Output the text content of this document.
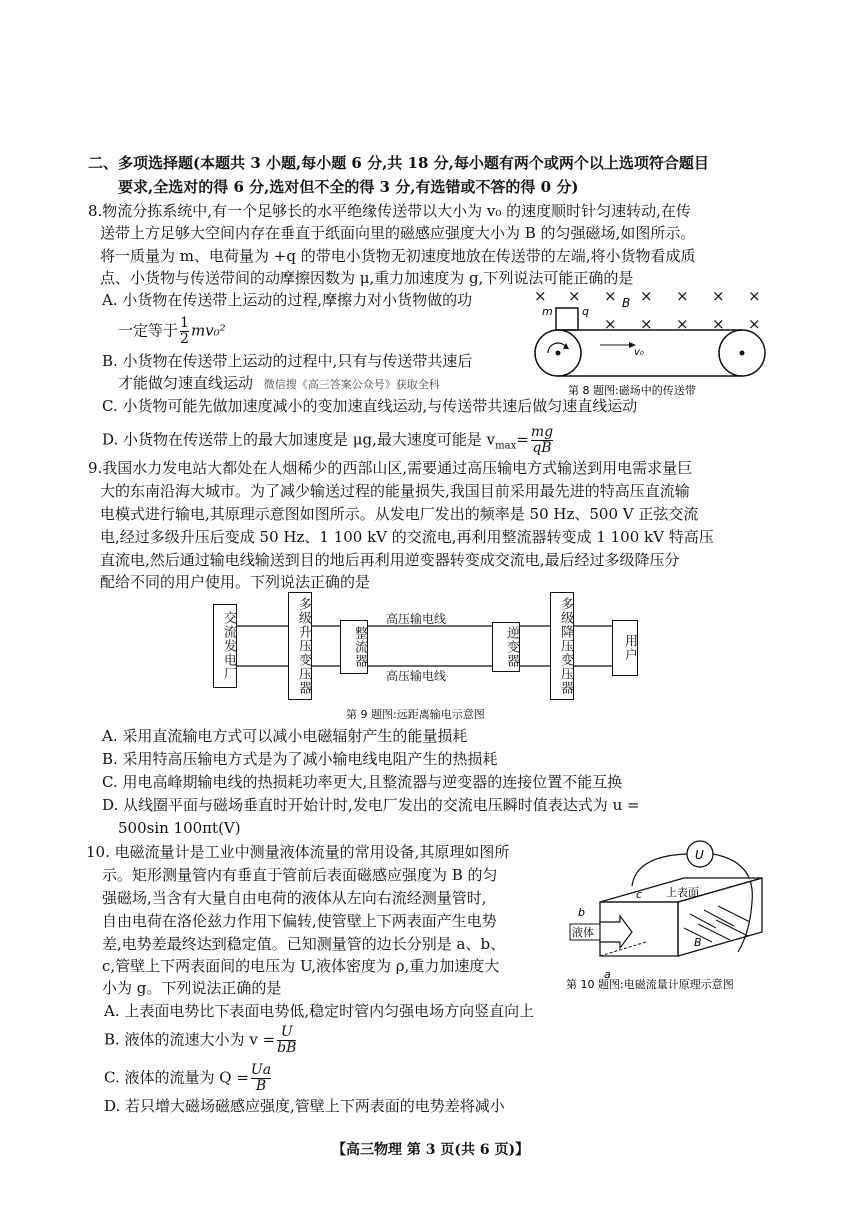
二、多项选择题(本题共 3 小题,每小题 6 分,共 18 分,每小题有两个或两个以上选项符合题目
要求,全选对的得 6 分,选对但不全的得 3 分,有选错或不答的得 0 分)
8.物流分拣系统中,有一个足够长的水平绝缘传送带以大小为 v₀ 的速度顺时针匀速转动,在传
送带上方足够大空间内存在垂直于纸面向里的磁感应强度大小为 B 的匀强磁场,如图所示。
将一质量为 m、电荷量为 +q 的带电小货物无初速度地放在传送带的左端,将小货物看成质
点、小货物与传送带间的动摩擦因数为 μ,重力加速度为 g,下列说法可能正确的是
A. 小货物在传送带上运动的过程,摩擦力对小货物做的功
一定等于 $\frac{1}{2} mv_0^2$
B. 小货物在传送带上运动的过程中,只有与传送带共速后
才能做匀速直线运动 微信搜《高三答案公众号》获取全科
C. 小货物可能先做加速度减小的变加速直线运动,与传送带共速后做匀速直线运动
D. 小货物在传送带上的最大加速度是 μg,最大速度可能是 $v_{max}= \frac{mg}{qB}$
× × × × × × ×
× × × × ×
B
m	q
v₀
第 8 题图:磁场中的传送带
9.我国水力发电站大都处在人烟稀少的西部山区,需要通过高压输电方式输送到用电需求量巨
大的东南沿海大城市。为了减少输送过程的能量损失,我国目前采用最先进的特高压直流输
电模式进行输电,其原理示意图如图所示。从发电厂发出的频率是 50 Hz、500 V 正弦交流
电,经过多级升压后变成 50 Hz、1 100 kV 的交流电,再利用整流器转变成 1 100 kV 特高压
直流电,然后通过输电线输送到目的地后再利用逆变器转变成交流电,最后经过多级降压分
配给不同的用户使用。下列说法正确的是
交流发电厂	多级升压变压器	整流器
高压输电线
高压输电线
逆变器	多级降压变压器	用户
第 9 题图:远距离输电示意图
A. 采用直流输电方式可以减小电磁辐射产生的能量损耗
B. 采用特高压输电方式是为了减小输电线电阻产生的热损耗
C. 用电高峰期输电线的热损耗功率更大,且整流器与逆变器的连接位置不能互换
D. 从线圈平面与磁场垂直时开始计时,发电厂发出的交流电压瞬时值表达式为 u =
500sin 100πt(V)
10. 电磁流量计是工业中测量液体流量的常用设备,其原理如图所
示。矩形测量管内有垂直于管前后表面磁感应强度为 B 的匀
强磁场,当含有大量自由电荷的液体从左向右流经测量管时,
自由电荷在洛伦兹力作用下偏转,使管壁上下两表面产生电势
差,电势差最终达到稳定值。已知测量管的边长分别是 a、b、
c,管壁上下两表面间的电压为 U,液体密度为 ρ,重力加速度大
小为 g。下列说法正确的是
U
c 上表面
b
a
液体
B
第 10 题图:电磁流量计原理示意图
A. 上表面电势比下表面电势低,稳定时管内匀强电场方向竖直向上
B. 液体的流速大小为 $v = \frac{U}{bB}$
C. 液体的流量为 $Q = \frac{Ua}{B}$
D. 若只增大磁场磁感应强度,管壁上下两表面的电势差将减小
【高三物理 第 3 页(共 6 页)】
